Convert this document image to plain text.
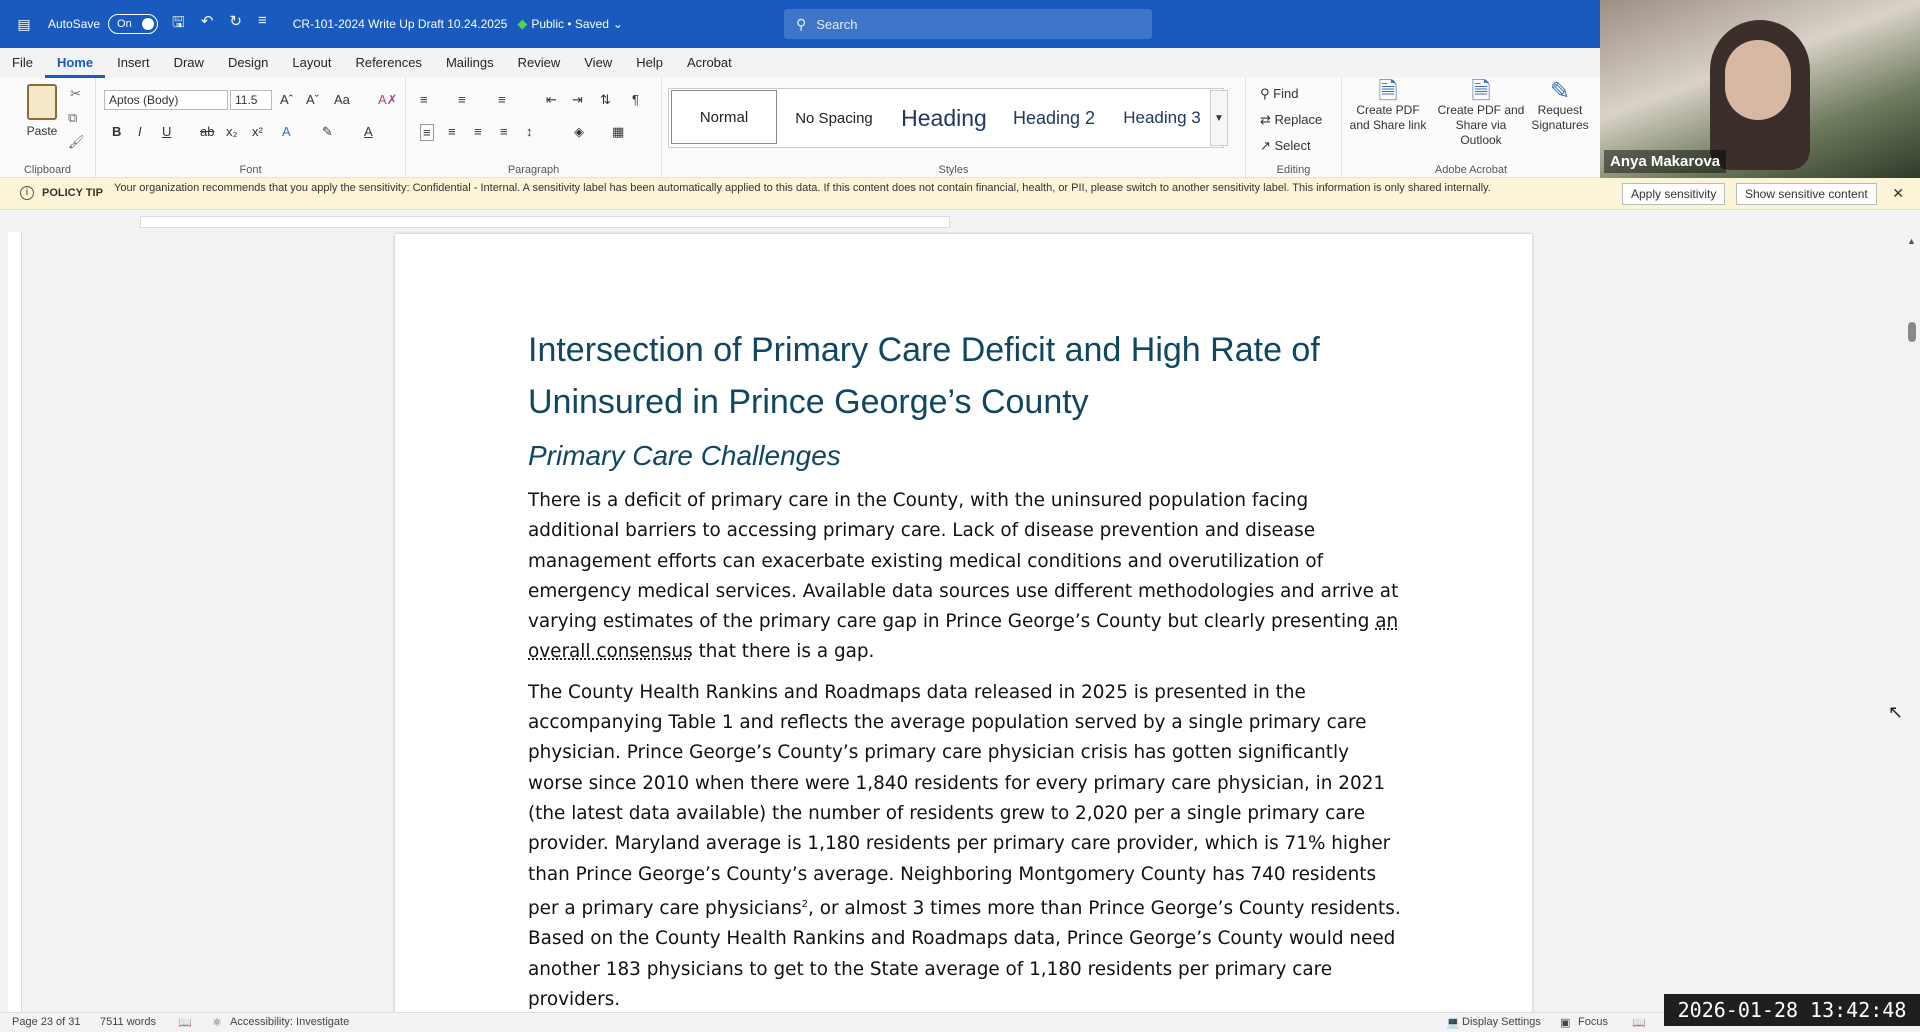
▤ AutoSave On	🖫 ↶ ↻ ≡ CR-101-2024 Write Up Draft 10.24.2025 ◆ Public • Saved ⌄	⚲ Search
File	Home	Insert	Draw	Design	Layout	References	Mailings	Review	View	Help	Acrobat
Paste
✂
⧉
🖌
Clipboard
Aptos (Body)	11.5	Aˆ Aˇ Aa A✗
B I U ab x₂ x² A ✎ A
Font
≡ ≡ ≡	⇤ ⇥ ⇅ ¶
≡ ≡ ≡ ≡ ↕	◈ ▦
Paragraph	Styles
Normal	No Spacing	Heading	Heading 2	Heading 3	▼
⚲ Find
⇄ Replace
↗ Select
Editing	Adobe Acrobat
🗎
Create PDF and Share link
🗎
Create PDF and Share via Outlook
✎
Request Signatures
Anya Makarova
i	POLICY TIP Your organization recommends that you apply the sensitivity: Confidential - Internal. A sensitivity label has been automatically applied to this data. If this content does not contain financial, health, or PII, please switch to another sensitivity label. This information is only shared internally.	Apply sensitivity	Show sensitive content	✕
Intersection of Primary Care Deficit and High Rate of Uninsured in Prince George’s County
Primary Care Challenges

There is a deficit of primary care in the County, with the uninsured population facing additional barriers to accessing primary care. Lack of disease prevention and disease management efforts can exacerbate existing medical conditions and overutilization of emergency medical services. Available data sources use different methodologies and arrive at varying estimates of the primary care gap in Prince George’s County but clearly presenting an overall consensus that there is a gap.

The County Health Rankins and Roadmaps data released in 2025 is presented in the accompanying Table 1 and reflects the average population served by a single primary care physician. Prince George’s County’s primary care physician crisis has gotten significantly worse since 2010 when there were 1,840 residents for every primary care physician, in 2021 (the latest data available) the number of residents grew to 2,020 per a single primary care provider. Maryland average is 1,180 residents per primary care provider, which is 71% higher than Prince George’s County’s average. Neighboring Montgomery County has 740 residents per a primary care physicians$^2$, or almost 3 times more than Prince George’s County residents. Based on the County Health Rankins and Roadmaps data, Prince George’s County would need another 183 physicians to get to the State average of 1,180 residents per primary care providers.

▲
↖
Page 23 of 31 7511 words 📖 ⚛ Accessibility: Investigate	💻 Display Settings ▣ Focus 📖
2026-01-28 13:42:48
